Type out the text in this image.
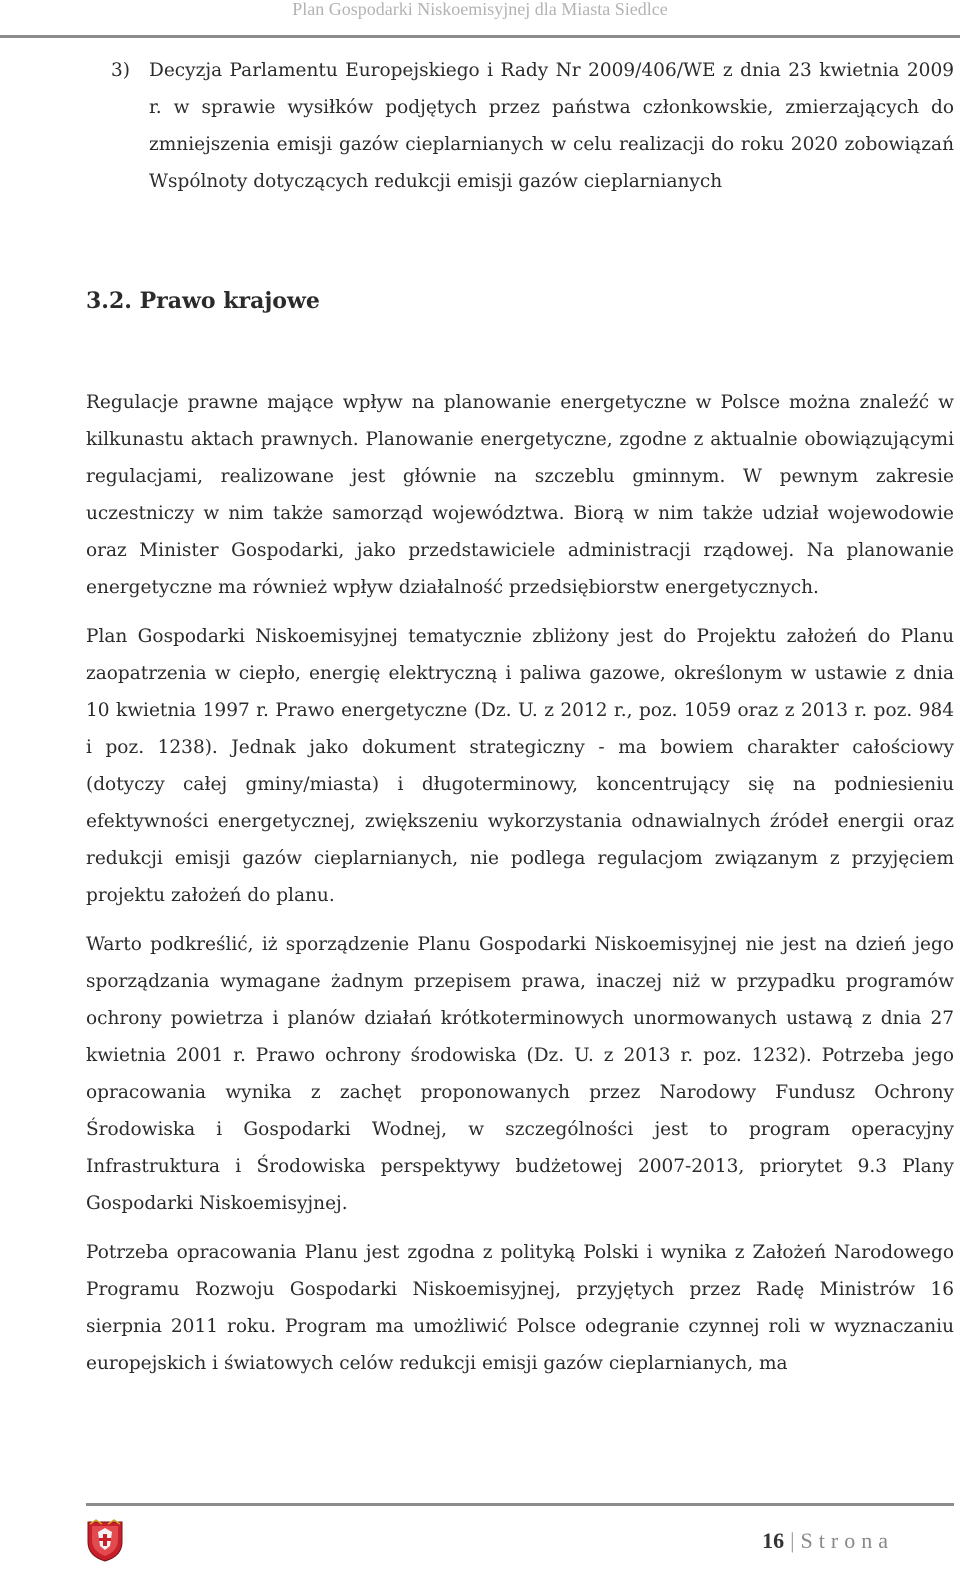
Plan Gospodarki Niskoemisyjnej dla Miasta Siedlce
3) Decyzja Parlamentu Europejskiego i Rady Nr 2009/406/WE z dnia 23 kwietnia 2009 r. w sprawie wysiłków podjętych przez państwa członkowskie, zmierzających do zmniejszenia emisji gazów cieplarnianych w celu realizacji do roku 2020 zobowiązań Wspólnoty dotyczących redukcji emisji gazów cieplarnianych
3.2. Prawo krajowe

Regulacje prawne mające wpływ na planowanie energetyczne w Polsce można znaleźć w kilkunastu aktach prawnych. Planowanie energetyczne, zgodne z aktualnie obowiązującymi regulacjami, realizowane jest głównie na szczeblu gminnym. W pewnym zakresie uczestniczy w nim także samorząd województwa. Biorą w nim także udział wojewodowie oraz Minister Gospodarki, jako przedstawiciele administracji rządowej. Na planowanie energetyczne ma również wpływ działalność przedsiębiorstw energetycznych.

Plan Gospodarki Niskoemisyjnej tematycznie zbliżony jest do Projektu założeń do Planu zaopatrzenia w ciepło, energię elektryczną i paliwa gazowe, określonym w ustawie z dnia 10 kwietnia 1997 r. Prawo energetyczne (Dz. U. z 2012 r., poz. 1059 oraz z 2013 r. poz. 984 i poz. 1238). Jednak jako dokument strategiczny - ma bowiem charakter całościowy (dotyczy całej gminy/miasta) i długoterminowy, koncentrujący się na podniesieniu efektywności energetycznej, zwiększeniu wykorzystania odnawialnych źródeł energii oraz redukcji emisji gazów cieplarnianych, nie podlega regulacjom związanym z przyjęciem projektu założeń do planu.

Warto podkreślić, iż sporządzenie Planu Gospodarki Niskoemisyjnej nie jest na dzień jego sporządzania wymagane żadnym przepisem prawa, inaczej niż w przypadku programów ochrony powietrza i planów działań krótkoterminowych unormowanych ustawą z dnia 27 kwietnia 2001 r. Prawo ochrony środowiska (Dz. U. z 2013 r. poz. 1232). Potrzeba jego opracowania wynika z zachęt proponowanych przez Narodowy Fundusz Ochrony Środowiska i Gospodarki Wodnej, w szczególności jest to program operacyjny Infrastruktura i Środowiska perspektywy budżetowej 2007-2013, priorytet 9.3 Plany Gospodarki Niskoemisyjnej.

Potrzeba opracowania Planu jest zgodna z polityką Polski i wynika z Założeń Narodowego Programu Rozwoju Gospodarki Niskoemisyjnej, przyjętych przez Radę Ministrów 16 sierpnia 2011 roku. Program ma umożliwić Polsce odegranie czynnej roli w wyznaczaniu europejskich i światowych celów redukcji emisji gazów cieplarnianych, ma

16 | Strona
